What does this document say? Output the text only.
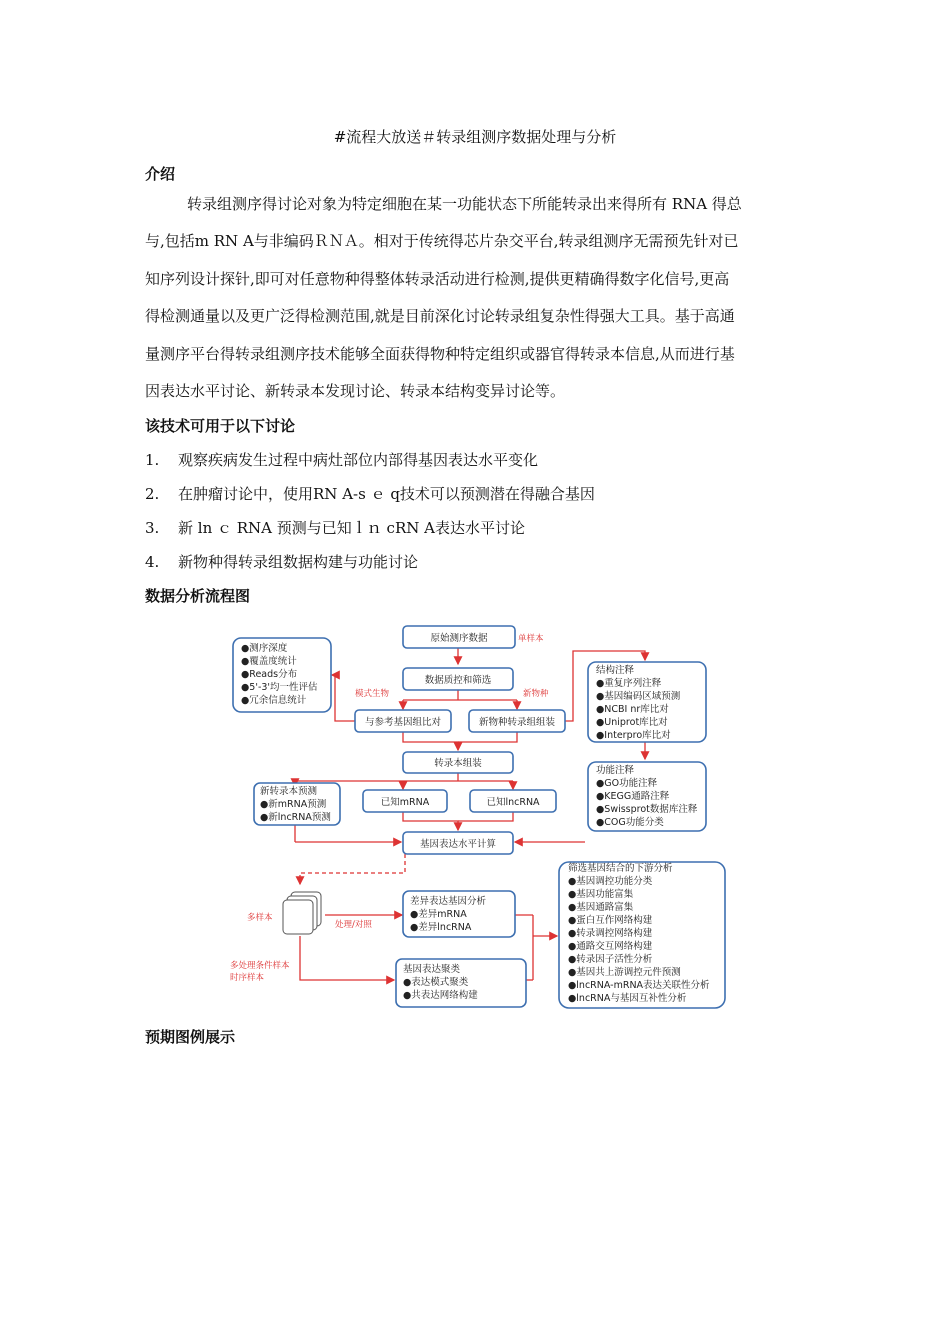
#流程大放送＃转录组测序数据处理与分析
介绍
转录组测序得讨论对象为特定细胞在某一功能状态下所能转录出来得所有 RNA 得总
与,包括m RN A与非编码ＲＮＡ。相对于传统得芯片杂交平台,转录组测序无需预先针对已
知序列设计探针,即可对任意物种得整体转录活动进行检测,提供更精确得数字化信号,更高
得检测通量以及更广泛得检测范围,就是目前深化讨论转录组复杂性得强大工具。基于高通
量测序平台得转录组测序技术能够全面获得物种特定组织或器官得转录本信息,从而进行基
因表达水平讨论、新转录本发现讨论、转录本结构变异讨论等。
该技术可用于以下讨论
1. 观察疾病发生过程中病灶部位内部得基因表达水平变化
2. 在肿瘤讨论中，使用RN A-s ｅ q技术可以预测潜在得融合基因
3. 新 ln ｃ RNA 预测与已知ｌｎ cRN A表达水平讨论
4. 新物种得转录组数据构建与功能讨论
数据分析流程图
原始测序数据	单样本
数据质控和筛选
模式生物	新物种
与参考基因组比对	新物种转录组组装
●测序深度
●覆盖度统计
●Reads分布
●5'-3'均一性评估
●冗余信息统计
结构注释
●重复序列注释
●基因编码区域预测
●NCBI nr库比对
●Uniprot库比对
●Interpro库比对
转录本组装
功能注释
●GO功能注释
●KEGG通路注释
●Swissprot数据库注释
●COG功能分类
新转录本预测
●新mRNA预测
●新lncRNA预测
已知mRNA	已知lncRNA
基因表达水平计算
多样本
处理/对照
多处理条件样本
时序样本
差异表达基因分析
●差异mRNA
●差异lncRNA
基因表达聚类
●表达模式聚类
●共表达网络构建
筛选基因结合的下游分析
●基因调控功能分类
●基因功能富集
●基因通路富集
●蛋白互作网络构建
●转录调控网络构建
●通路交互网络构建
●转录因子活性分析
●基因共上游调控元件预测
●lncRNA-mRNA表达关联性分析
●lncRNA与基因互补性分析
预期图例展示
